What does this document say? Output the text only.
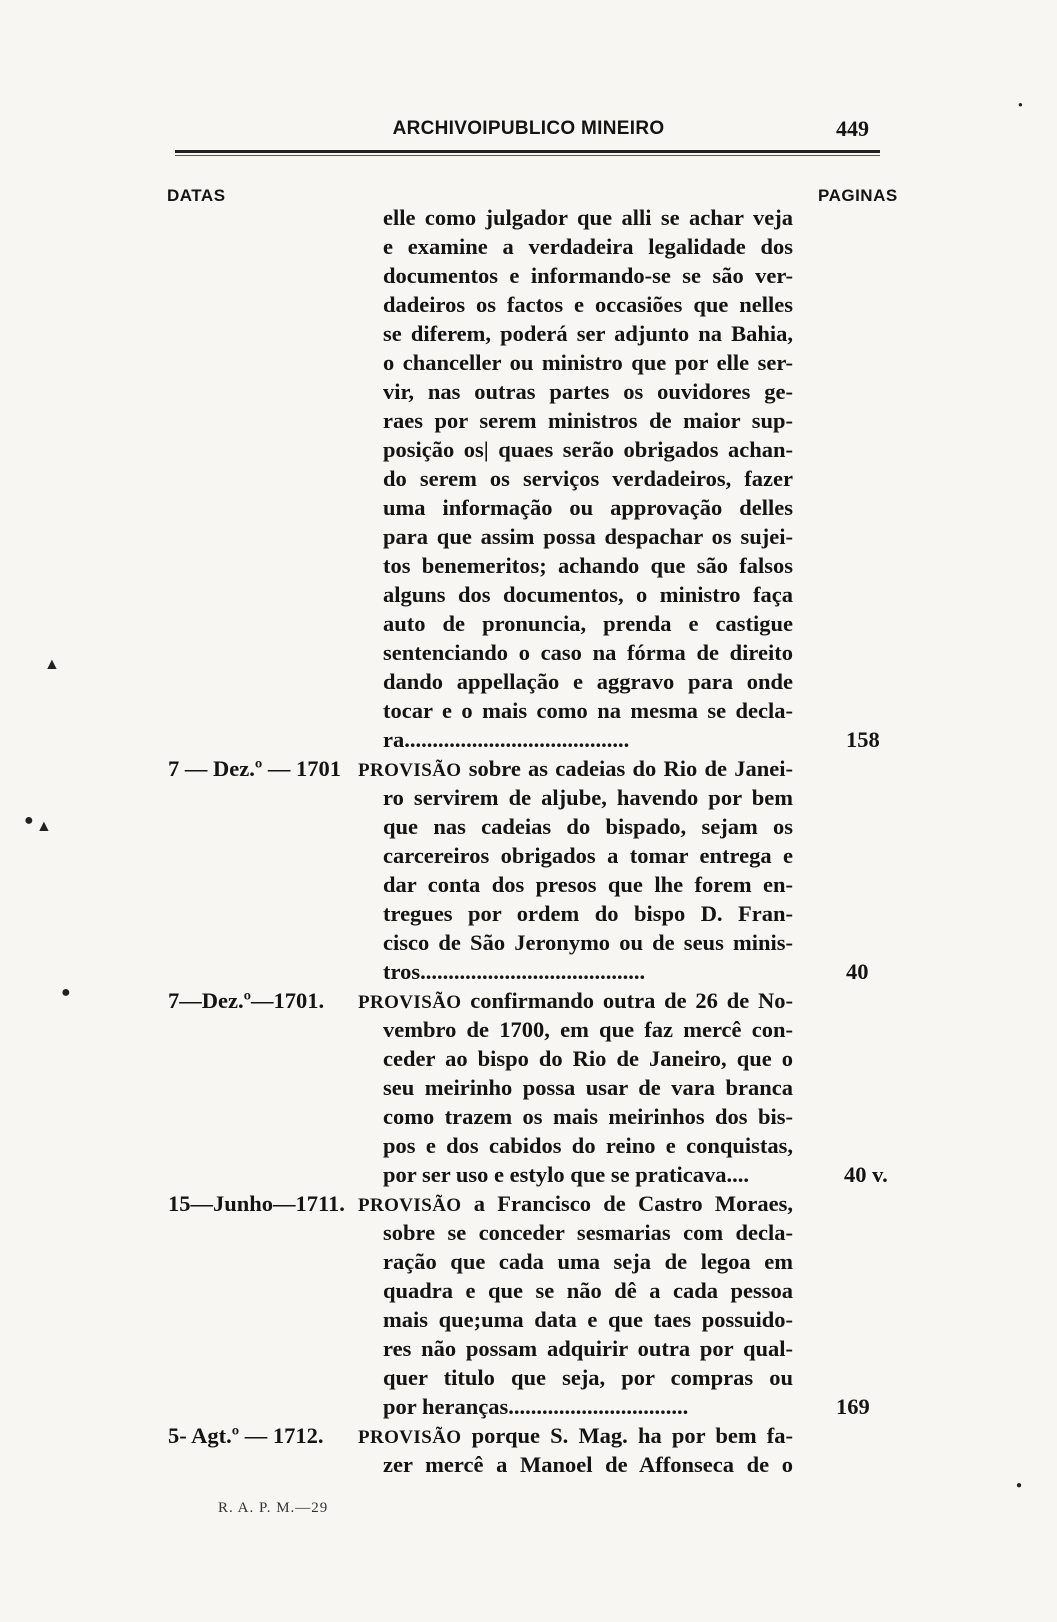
ARCHIVOIPUBLICO MINEIRO	449
DATAS	PAGINAS
elle como julgador que alli se achar veja
e examine a verdadeira legalidade dos
documentos e informando-se se são ver-
dadeiros os factos e occasiões que nelles
se diferem, poderá ser adjunto na Bahia,
o chanceller ou ministro que por elle ser-
vir, nas outras partes os ouvidores ge-
raes por serem ministros de maior sup-
posição os| quaes serão obrigados achan-
do serem os serviços verdadeiros, fazer
uma informação ou approvação delles
para que assim possa despachar os sujei-
tos benemeritos; achando que são falsos
alguns dos documentos, o ministro faça
auto de pronuncia, prenda e castigue
sentenciando o caso na fórma de direito
dando appellação e aggravo para onde
tocar e o mais como na mesma se decla-
ra........................................	158
7 — Dez.º — 1701 PROVISÃO sobre as cadeias do Rio de Janei-
ro servirem de aljube, havendo por bem
que nas cadeias do bispado, sejam os
carcereiros obrigados a tomar entrega e
dar conta dos presos que lhe forem en-
tregues por ordem do bispo D. Fran-
cisco de São Jeronymo ou de seus minis-
tros........................................	40
7—Dez.º—1701.	PROVISÃO confirmando outra de 26 de No-
vembro de 1700, em que faz mercê con-
ceder ao bispo do Rio de Janeiro, que o
seu meirinho possa usar de vara branca
como trazem os mais meirinhos dos bis-
pos e dos cabidos do reino e conquistas,
por ser uso e estylo que se praticava....	40 v.
15—Junho—1711. PROVISÃO a Francisco de Castro Moraes,
sobre se conceder sesmarias com decla-
ração que cada uma seja de legoa em
quadra e que se não dê a cada pessoa
mais que;uma data e que taes possuido-
res não possam adquirir outra por qual-
quer titulo que seja, por compras ou
por heranças................................	169
5- Agt.º — 1712.	PROVISÃO porque S. Mag. ha por bem fa-
zer mercê a Manoel de Affonseca de o
R. A. P. M.—29
▲
● ▲
●
●
●
